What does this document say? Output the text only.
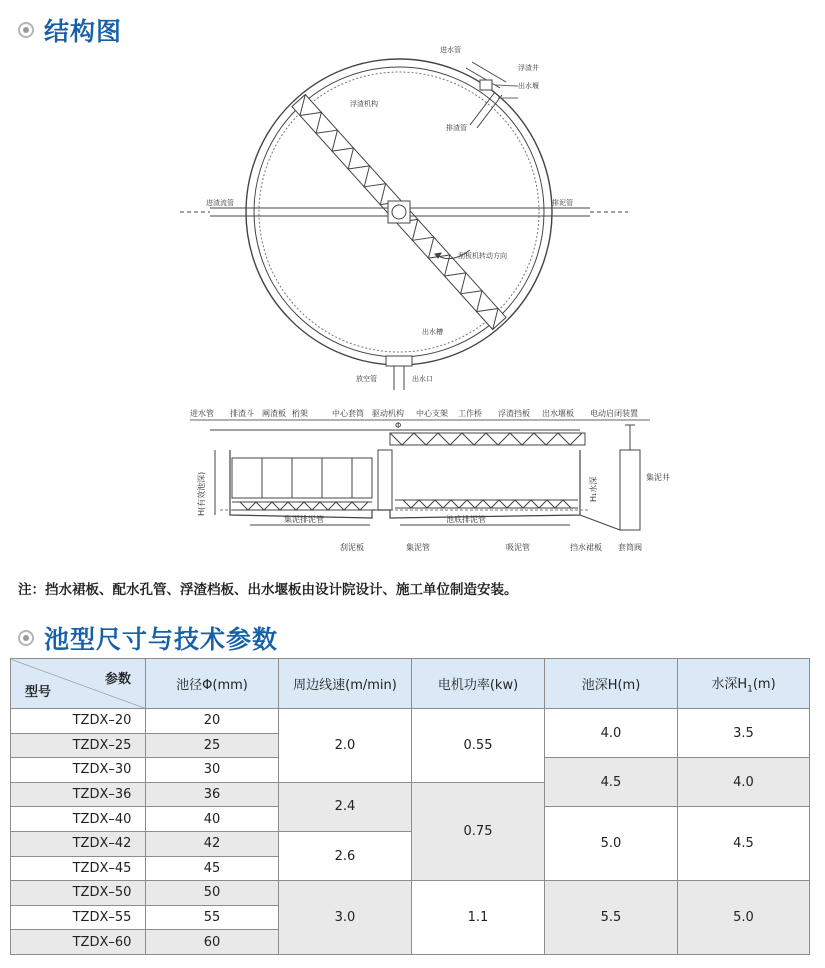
结构图
进水管
浮渣井
出水堰
浮渣机构
排渣管
进渣流管	排泥管
刮板机转动方向
出水槽
放空管	出水口
进水管 排渣斗 阐渣板 桁架	中心套筒 驱动机构 中心支架 工作桥 浮渣挡板 出水堰板 电动启闭装置
Φ
H(有效池深)	H₁水深
集泥排泥管	池底排泥管
集泥井
刮泥板	集泥管	吸泥管	挡水裙板 套筒阀
注：挡水裙板、配水孔管、浮渣档板、出水堰板由设计院设计、施工单位制造安装。
池型尺寸与技术参数
参数
型号	池径Φ(mm)	周边线速(m/min)	电机功率(kw)	池深H(m)	水深$H_1(m)$
TZDX–20	20	2.0	0.55	4.0	3.5
TZDX–25	25				
TZDX–30	30			4.5	4.0
TZDX–36	36	2.4	0.75		
TZDX–40	40			5.0	4.5
TZDX–42	42	2.6			
TZDX–45	45				
TZDX–50	50	3.0	1.1	5.5	5.0
TZDX–55	55				
TZDX–60	60				
